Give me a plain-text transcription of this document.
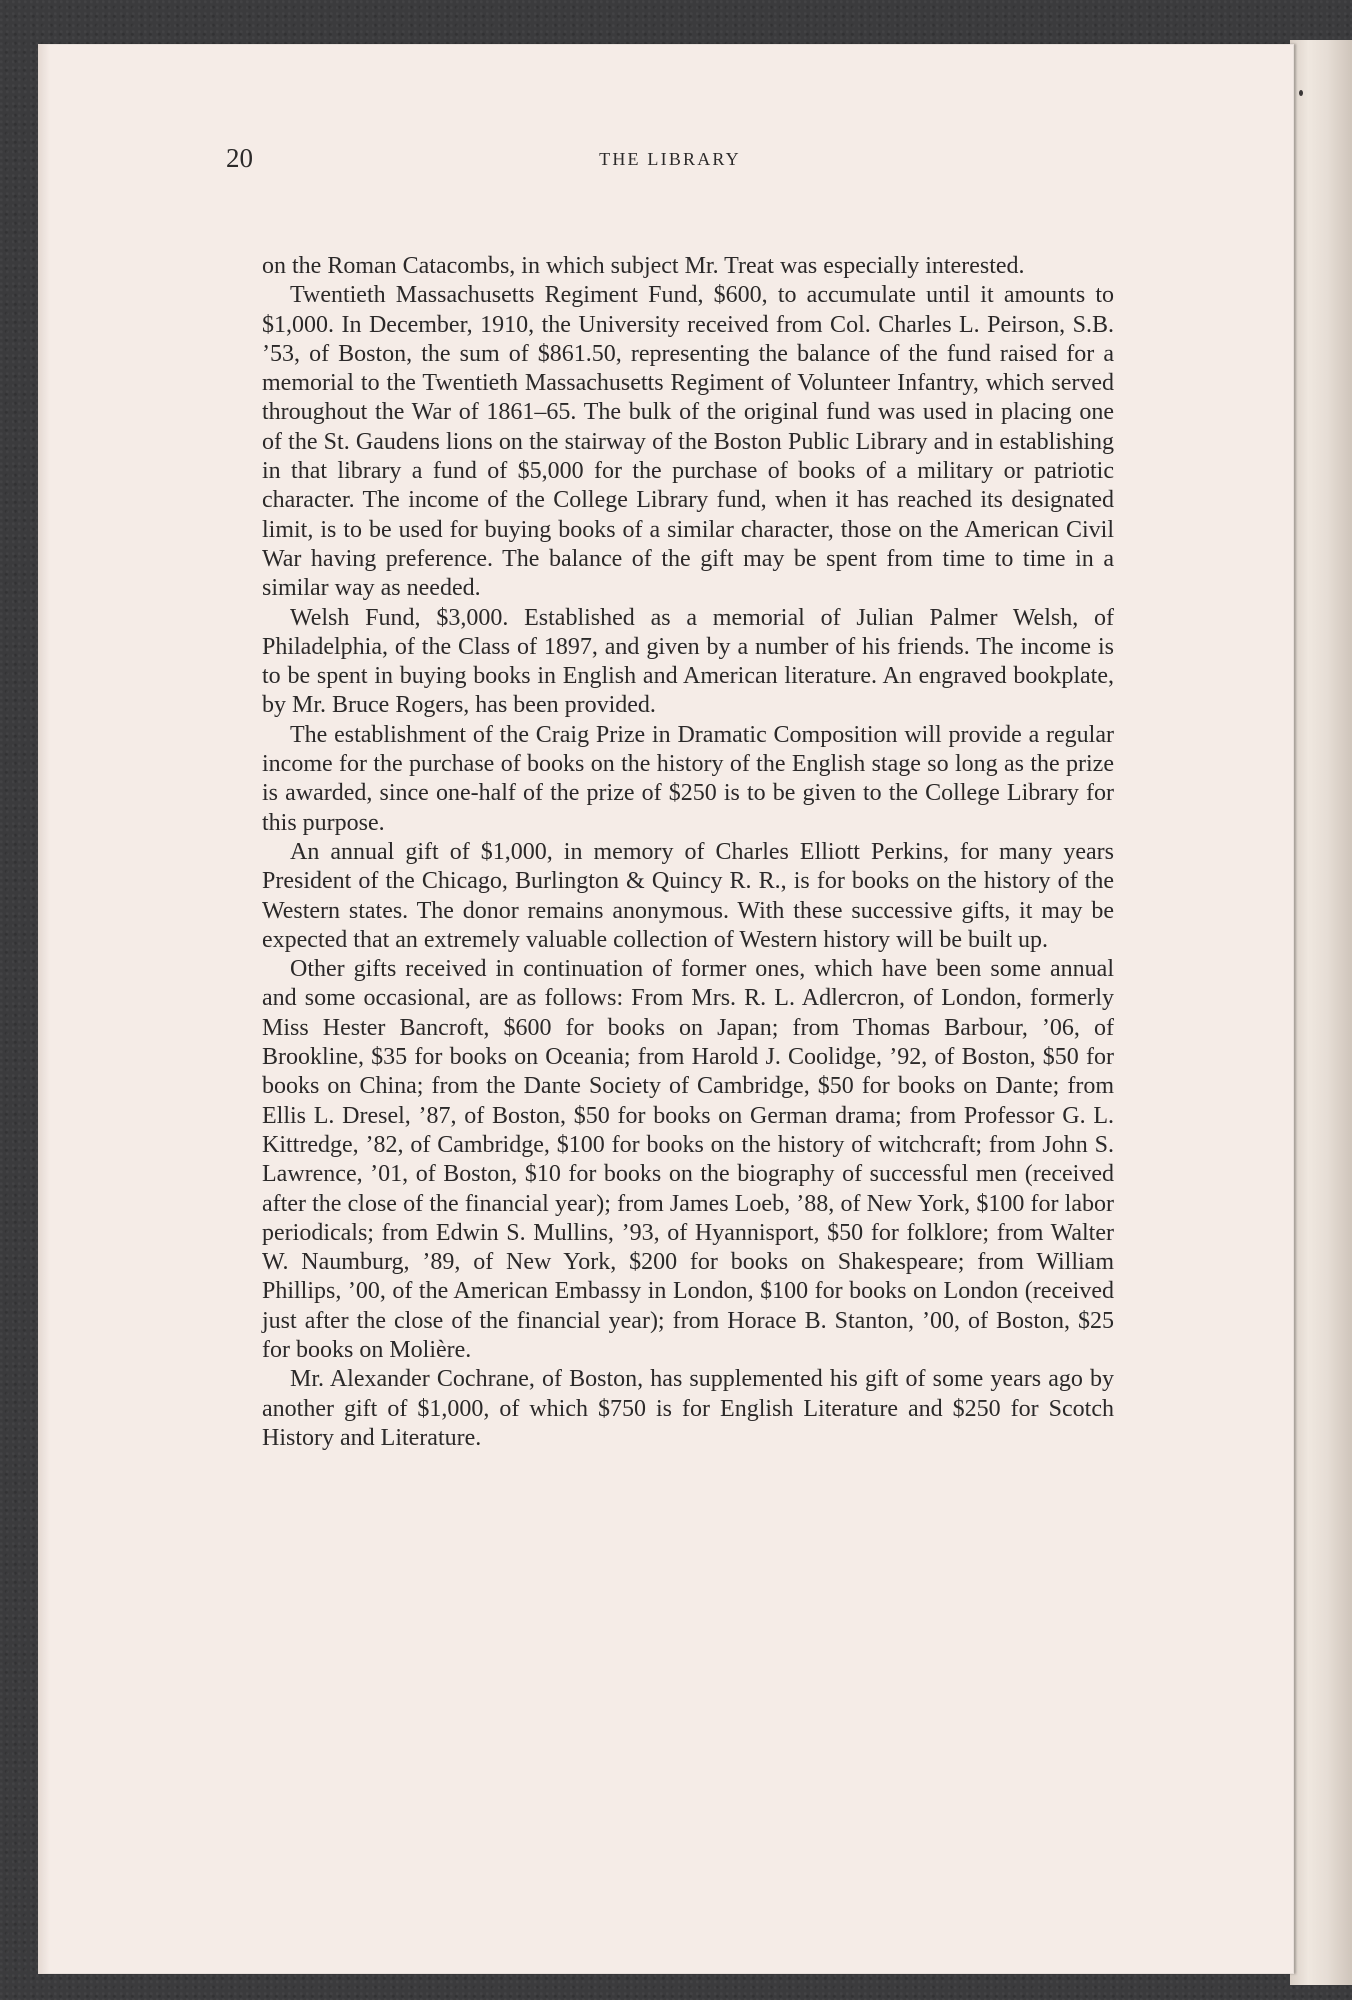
20	THE LIBRARY

on the Roman Catacombs, in which subject Mr. Treat was especially interested.

Twentieth Massachusetts Regiment Fund, $600, to accumulate until it amounts to $1,000. In December, 1910, the University received from Col. Charles L. Peirson, S.B. ’53, of Boston, the sum of $861.50, representing the balance of the fund raised for a memorial to the Twentieth Massachusetts Regiment of Volunteer Infantry, which served throughout the War of 1861–65. The bulk of the original fund was used in placing one of the St. Gaudens lions on the stairway of the Boston Public Library and in establishing in that library a fund of $5,000 for the purchase of books of a military or patriotic character. The income of the College Library fund, when it has reached its designated limit, is to be used for buying books of a similar character, those on the American Civil War having preference. The balance of the gift may be spent from time to time in a similar way as needed.

Welsh Fund, $3,000. Established as a memorial of Julian Palmer Welsh, of Philadelphia, of the Class of 1897, and given by a number of his friends. The income is to be spent in buying books in English and American literature. An engraved bookplate, by Mr. Bruce Rogers, has been provided.

The establishment of the Craig Prize in Dramatic Composition will provide a regular income for the purchase of books on the history of the English stage so long as the prize is awarded, since one-half of the prize of $250 is to be given to the College Library for this purpose.

An annual gift of $1,000, in memory of Charles Elliott Perkins, for many years President of the Chicago, Burlington & Quincy R. R., is for books on the history of the Western states. The donor remains anonymous. With these successive gifts, it may be expected that an extremely valuable collection of Western history will be built up.

Other gifts received in continuation of former ones, which have been some annual and some occasional, are as follows: From Mrs. R. L. Adlercron, of London, formerly Miss Hester Bancroft, $600 for books on Japan; from Thomas Barbour, ’06, of Brookline, $35 for books on Oceania; from Harold J. Coolidge, ’92, of Boston, $50 for books on China; from the Dante Society of Cambridge, $50 for books on Dante; from Ellis L. Dresel, ’87, of Boston, $50 for books on German drama; from Professor G. L. Kittredge, ’82, of Cambridge, $100 for books on the history of witchcraft; from John S. Lawrence, ’01, of Boston, $10 for books on the biography of successful men (received after the close of the financial year); from James Loeb, ’88, of New York, $100 for labor periodicals; from Edwin S. Mullins, ’93, of Hyannisport, $50 for folklore; from Walter W. Naumburg, ’89, of New York, $200 for books on Shakespeare; from William Phillips, ’00, of the American Embassy in London, $100 for books on London (received just after the close of the financial year); from Horace B. Stanton, ’00, of Boston, $25 for books on Molière.

Mr. Alexander Cochrane, of Boston, has supplemented his gift of some years ago by another gift of $1,000, of which $750 is for English Literature and $250 for Scotch History and Literature.
